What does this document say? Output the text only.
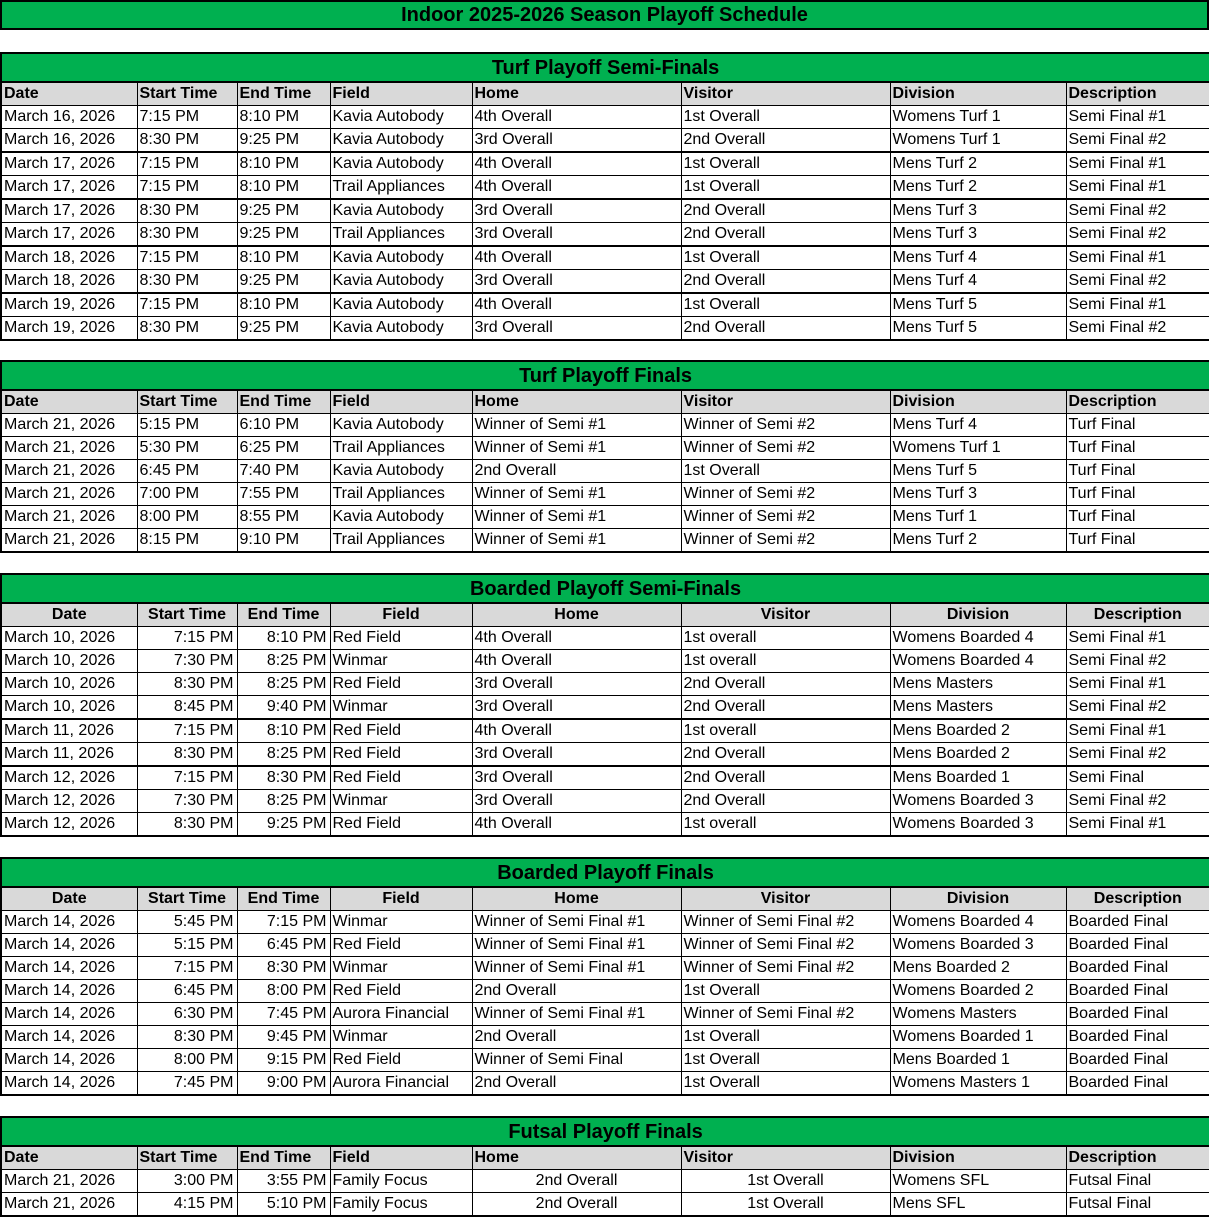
Indoor 2025-2026 Season Playoff Schedule
Turf Playoff Semi-Finals							
Date	Start Time	End Time	Field	Home	Visitor	Division	Description
March 16, 2026	7:15 PM	8:10 PM	Kavia Autobody	4th Overall	1st Overall	Womens Turf 1	Semi Final #1
March 16, 2026	8:30 PM	9:25 PM	Kavia Autobody	3rd Overall	2nd Overall	Womens Turf 1	Semi Final #2
March 17, 2026	7:15 PM	8:10 PM	Kavia Autobody	4th Overall	1st Overall	Mens Turf 2	Semi Final #1
March 17, 2026	7:15 PM	8:10 PM	Trail Appliances	4th Overall	1st Overall	Mens Turf 2	Semi Final #1
March 17, 2026	8:30 PM	9:25 PM	Kavia Autobody	3rd Overall	2nd Overall	Mens Turf 3	Semi Final #2
March 17, 2026	8:30 PM	9:25 PM	Trail Appliances	3rd Overall	2nd Overall	Mens Turf 3	Semi Final #2
March 18, 2026	7:15 PM	8:10 PM	Kavia Autobody	4th Overall	1st Overall	Mens Turf 4	Semi Final #1
March 18, 2026	8:30 PM	9:25 PM	Kavia Autobody	3rd Overall	2nd Overall	Mens Turf 4	Semi Final #2
March 19, 2026	7:15 PM	8:10 PM	Kavia Autobody	4th Overall	1st Overall	Mens Turf 5	Semi Final #1
March 19, 2026	8:30 PM	9:25 PM	Kavia Autobody	3rd Overall	2nd Overall	Mens Turf 5	Semi Final #2
Turf Playoff Finals							
Date	Start Time	End Time	Field	Home	Visitor	Division	Description
March 21, 2026	5:15 PM	6:10 PM	Kavia Autobody	Winner of Semi #1	Winner of Semi #2	Mens Turf 4	Turf Final
March 21, 2026	5:30 PM	6:25 PM	Trail Appliances	Winner of Semi #1	Winner of Semi #2	Womens Turf 1	Turf Final
March 21, 2026	6:45 PM	7:40 PM	Kavia Autobody	2nd Overall	1st Overall	Mens Turf 5	Turf Final
March 21, 2026	7:00 PM	7:55 PM	Trail Appliances	Winner of Semi #1	Winner of Semi #2	Mens Turf 3	Turf Final
March 21, 2026	8:00 PM	8:55 PM	Kavia Autobody	Winner of Semi #1	Winner of Semi #2	Mens Turf 1	Turf Final
March 21, 2026	8:15 PM	9:10 PM	Trail Appliances	Winner of Semi #1	Winner of Semi #2	Mens Turf 2	Turf Final
Boarded Playoff Semi-Finals							
Date	Start Time	End Time	Field	Home	Visitor	Division	Description
March 10, 2026	7:15 PM	8:10 PM	Red Field	4th Overall	1st overall	Womens Boarded 4	Semi Final #1
March 10, 2026	7:30 PM	8:25 PM	Winmar	4th Overall	1st overall	Womens Boarded 4	Semi Final #2
March 10, 2026	8:30 PM	8:25 PM	Red Field	3rd Overall	2nd Overall	Mens Masters	Semi Final #1
March 10, 2026	8:45 PM	9:40 PM	Winmar	3rd Overall	2nd Overall	Mens Masters	Semi Final #2
March 11, 2026	7:15 PM	8:10 PM	Red Field	4th Overall	1st overall	Mens Boarded 2	Semi Final #1
March 11, 2026	8:30 PM	8:25 PM	Red Field	3rd Overall	2nd Overall	Mens Boarded 2	Semi Final #2
March 12, 2026	7:15 PM	8:30 PM	Red Field	3rd Overall	2nd Overall	Mens Boarded 1	Semi Final
March 12, 2026	7:30 PM	8:25 PM	Winmar	3rd Overall	2nd Overall	Womens Boarded 3	Semi Final #2
March 12, 2026	8:30 PM	9:25 PM	Red Field	4th Overall	1st overall	Womens Boarded 3	Semi Final #1
Boarded Playoff Finals							
Date	Start Time	End Time	Field	Home	Visitor	Division	Description
March 14, 2026	5:45 PM	7:15 PM	Winmar	Winner of Semi Final #1	Winner of Semi Final #2	Womens Boarded 4	Boarded Final
March 14, 2026	5:15 PM	6:45 PM	Red Field	Winner of Semi Final #1	Winner of Semi Final #2	Womens Boarded 3	Boarded Final
March 14, 2026	7:15 PM	8:30 PM	Winmar	Winner of Semi Final #1	Winner of Semi Final #2	Mens Boarded 2	Boarded Final
March 14, 2026	6:45 PM	8:00 PM	Red Field	2nd Overall	1st Overall	Womens Boarded 2	Boarded Final
March 14, 2026	6:30 PM	7:45 PM	Aurora Financial	Winner of Semi Final #1	Winner of Semi Final #2	Womens Masters	Boarded Final
March 14, 2026	8:30 PM	9:45 PM	Winmar	2nd Overall	1st Overall	Womens Boarded 1	Boarded Final
March 14, 2026	8:00 PM	9:15 PM	Red Field	Winner of Semi Final	1st Overall	Mens Boarded 1	Boarded Final
March 14, 2026	7:45 PM	9:00 PM	Aurora Financial	2nd Overall	1st Overall	Womens Masters 1	Boarded Final
Futsal Playoff Finals							
Date	Start Time	End Time	Field	Home	Visitor	Division	Description
March 21, 2026	3:00 PM	3:55 PM	Family Focus	2nd Overall	1st Overall	Womens SFL	Futsal Final
March 21, 2026	4:15 PM	5:10 PM	Family Focus	2nd Overall	1st Overall	Mens SFL	Futsal Final
